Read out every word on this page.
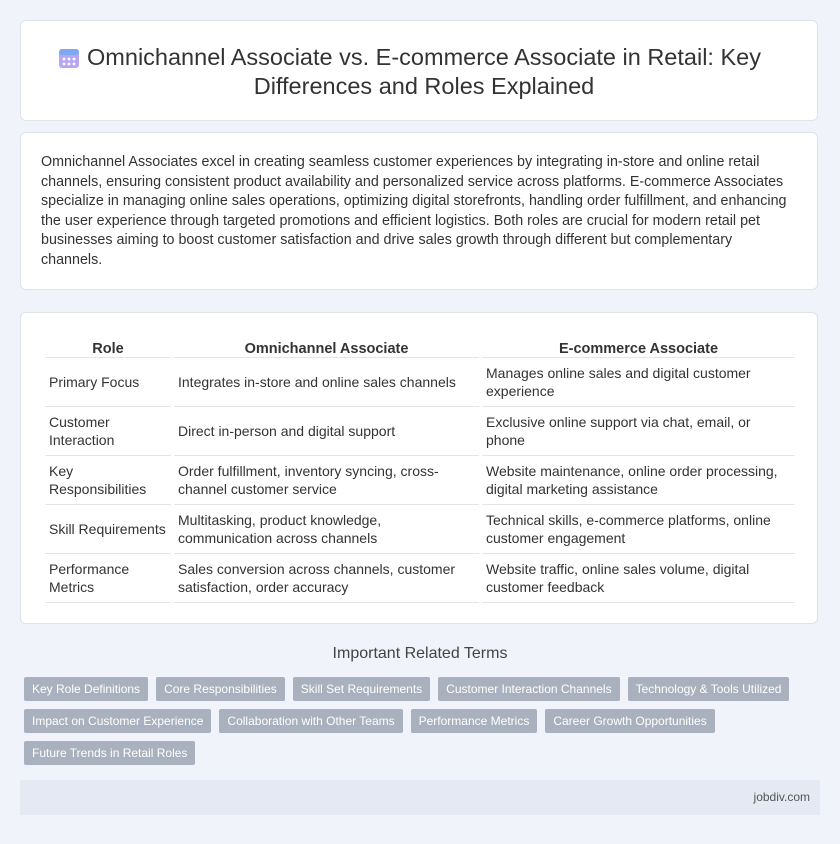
Omnichannel Associate vs. E-commerce Associate in Retail: Key Differences and Roles Explained

Omnichannel Associates excel in creating seamless customer experiences by integrating in-store and online retail channels, ensuring consistent product availability and personalized service across platforms. E-commerce Associates specialize in managing online sales operations, optimizing digital storefronts, handling order fulfillment, and enhancing the user experience through targeted promotions and efficient logistics. Both roles are crucial for modern retail pet businesses aiming to boost customer satisfaction and drive sales growth through different but complementary channels.

Role	Omnichannel Associate	E-commerce Associate
Primary Focus	Integrates in-store and online sales channels	Manages online sales and digital customer experience
Customer Interaction	Direct in-person and digital support	Exclusive online support via chat, email, or phone
Key Responsibilities	Order fulfillment, inventory syncing, cross-channel customer service	Website maintenance, online order processing, digital marketing assistance
Skill Requirements	Multitasking, product knowledge, communication across channels	Technical skills, e-commerce platforms, online customer engagement
Performance Metrics	Sales conversion across channels, customer satisfaction, order accuracy	Website traffic, online sales volume, digital customer feedback
Important Related Terms
Key Role Definitions	Core Responsibilities	Skill Set Requirements	Customer Interaction Channels	Technology & Tools Utilized
Impact on Customer Experience	Collaboration with Other Teams	Performance Metrics	Career Growth Opportunities
Future Trends in Retail Roles
jobdiv.com
